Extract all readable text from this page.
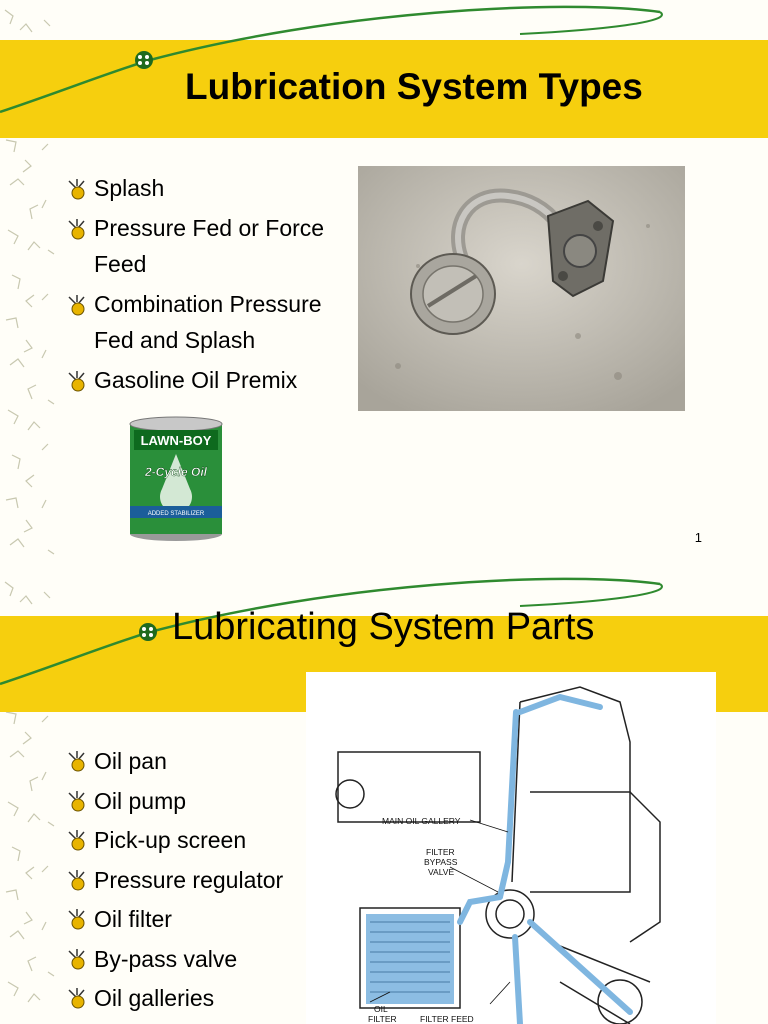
Lubrication System Types
Splash
Pressure Fed or Force Feed
Combination Pressure Fed and Splash
Gasoline Oil Premix
LAWN-BOY
2-Cycle Oil
ADDED STABILIZER
1
Lubricating System Parts
MAIN OIL GALLERY
FILTER
BYPASS
VALVE
OIL
FILTER	FILTER FEED
Oil pan
Oil pump
Pick-up screen
Pressure regulator
Oil filter
By-pass valve
Oil galleries
